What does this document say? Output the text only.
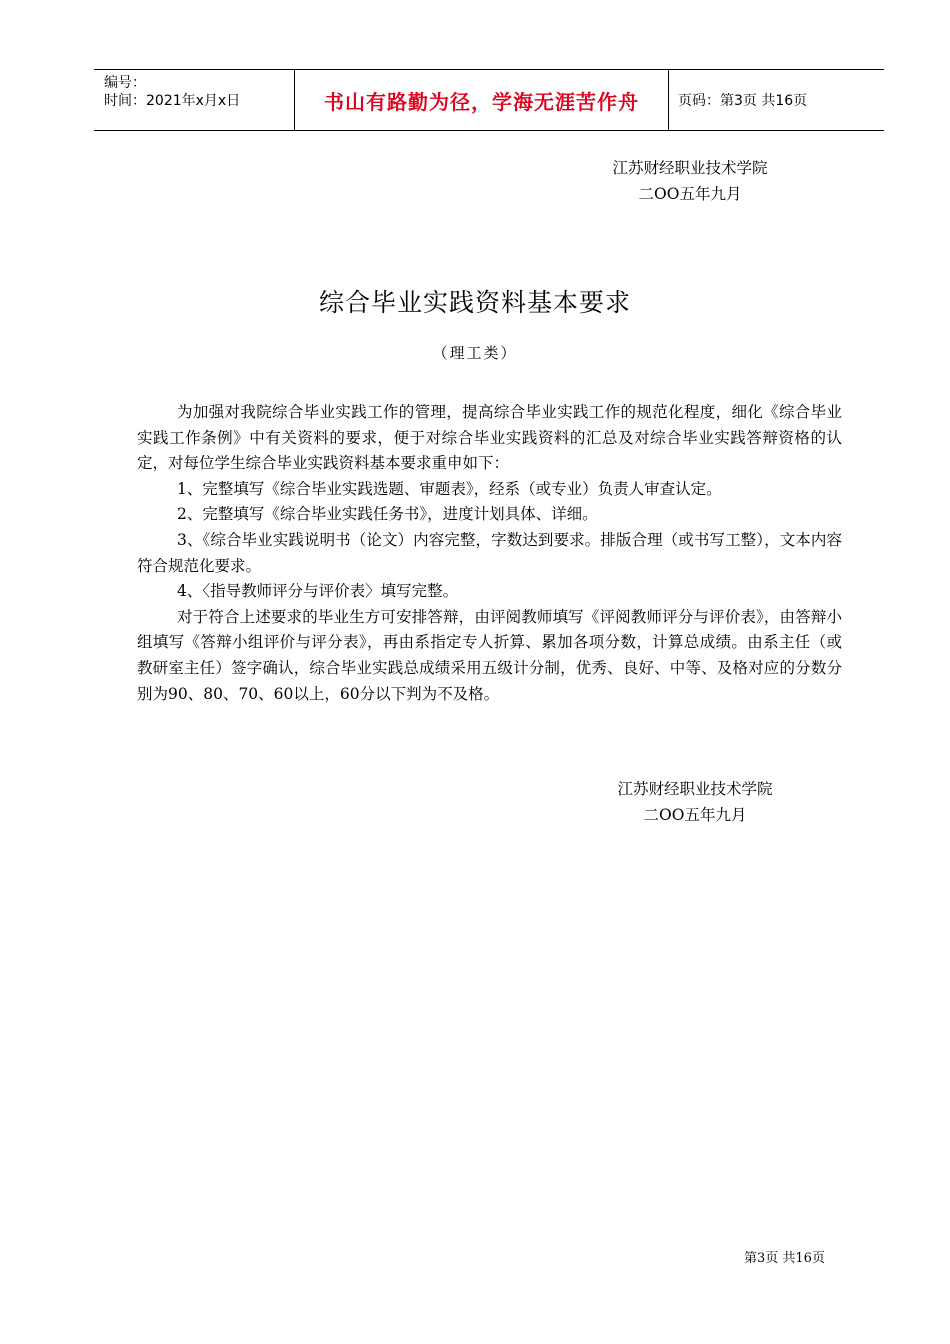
编号：
时间：2021年x月x日	书山有路勤为径，学海无涯苦作舟	页码：第3页 共16页
江苏财经职业技术学院
二OO五年九月
综合毕业实践资料基本要求
（理工类）

为加强对我院综合毕业实践工作的管理，提高综合毕业实践工作的规范化程度，细化《综合毕业实践工作条例》中有关资料的要求，便于对综合毕业实践资料的汇总及对综合毕业实践答辩资格的认定，对每位学生综合毕业实践资料基本要求重申如下：

1、完整填写《综合毕业实践选题、审题表》，经系（或专业）负责人审查认定。

2、完整填写《综合毕业实践任务书》，进度计划具体、详细。

3、《综合毕业实践说明书（论文）内容完整，字数达到要求。排版合理（或书写工整），文本内容符合规范化要求。

4、〈指导教师评分与评价表〉填写完整。

对于符合上述要求的毕业生方可安排答辩，由评阅教师填写《评阅教师评分与评价表》，由答辩小组填写《答辩小组评价与评分表》，再由系指定专人折算、累加各项分数，计算总成绩。由系主任（或教研室主任）签字确认，综合毕业实践总成绩采用五级计分制，优秀、良好、中等、及格对应的分数分别为90、80、70、60以上，60分以下判为不及格。

江苏财经职业技术学院
二OO五年九月
第3页 共16页
